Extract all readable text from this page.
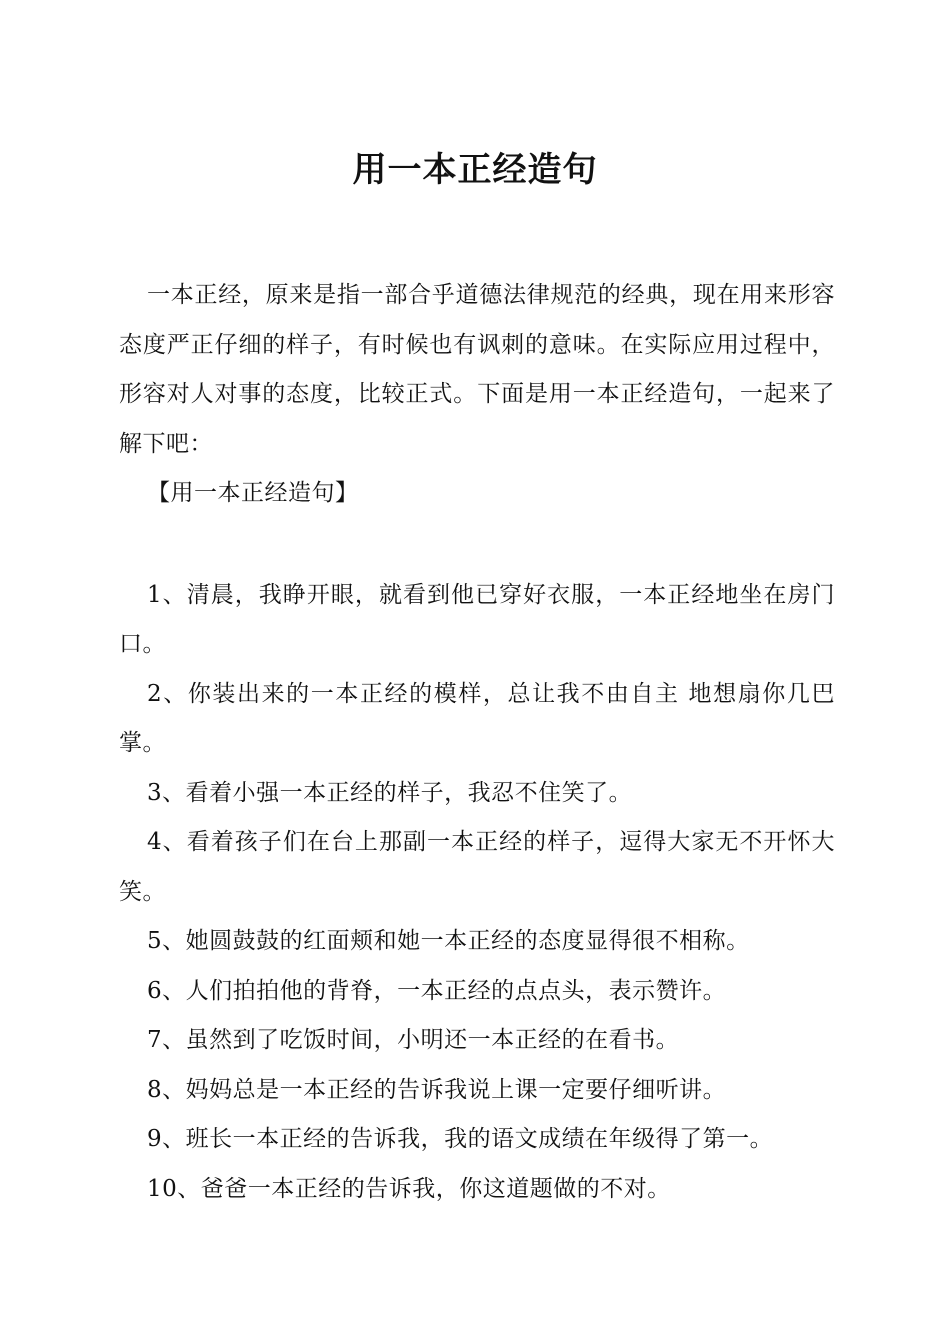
用一本正经造句

一本正经，原来是指一部合乎道德法律规范的经典，现在用来形容态度严正仔细的样子，有时候也有讽刺的意味。在实际应用过程中，形容对人对事的态度，比较正式。下面是用一本正经造句，一起来了解下吧：

【用一本正经造句】

1、清晨，我睁开眼，就看到他已穿好衣服，一本正经地坐在房门口。

2、你装出来的一本正经的模样，总让我不由自主 地想扇你几巴掌。

3、看着小强一本正经的样子，我忍不住笑了。

4、看着孩子们在台上那副一本正经的样子，逗得大家无不开怀大笑。

5、她圆鼓鼓的红面颊和她一本正经的态度显得很不相称。

6、人们拍拍他的背脊，一本正经的点点头，表示赞许。

7、虽然到了吃饭时间，小明还一本正经的在看书。

8、妈妈总是一本正经的告诉我说上课一定要仔细听讲。

9、班长一本正经的告诉我，我的语文成绩在年级得了第一。

10、爸爸一本正经的告诉我，你这道题做的不对。
